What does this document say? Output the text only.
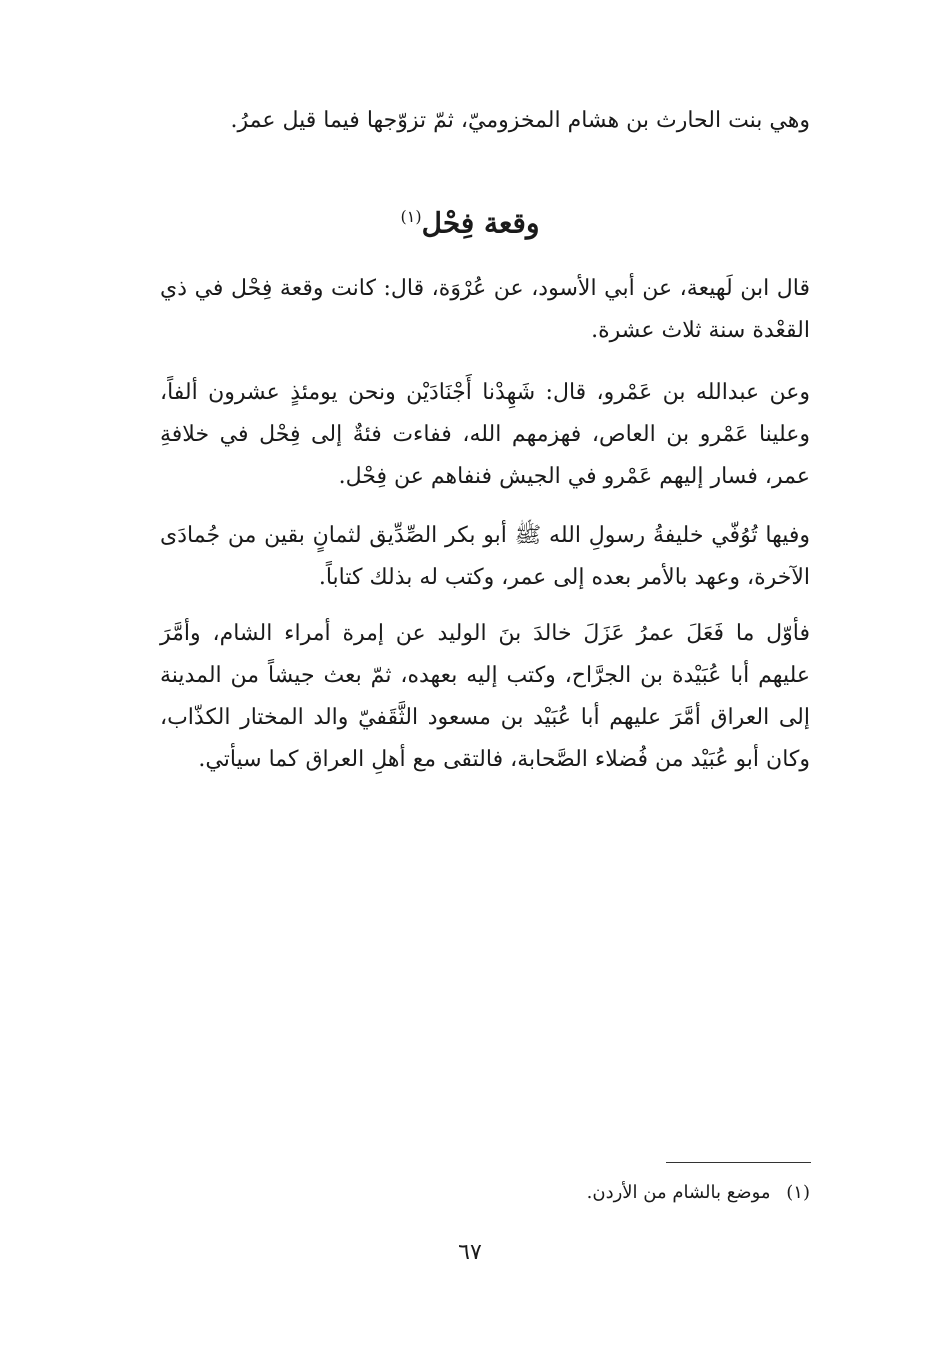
وهي بنت الحارث بن هشام المخزوميّ، ثمّ تزوّجها فيما قيل عمرُ.
وقعة فِحْل$^{(١)}$

قال ابن لَهيعة، عن أبي الأسود، عن عُرْوَة، قال: كانت وقعة فِحْل في ذي القعْدة سنة ثلاث عشرة.

وعن عبدالله بن عَمْرو، قال: شَهِدْنا أَجْنَادَيْن ونحن يومئذٍ عشرون ألفاً، وعلينا عَمْرو بن العاص، فهزمهم الله، ففاءت فئةٌ إلى فِحْل في خلافةِ عمر، فسار إليهم عَمْرو في الجيش فنفاهم عن فِحْل.

وفيها تُوُفّي خليفةُ رسولِ الله ﷺ أبو بكر الصِّدِّيق لثمانٍ بقين من جُمادَى الآخرة، وعهد بالأمر بعده إلى عمر، وكتب له بذلك كتاباً.

فأوّل ما فَعَلَ عمرُ عَزَلَ خالدَ بنَ الوليد عن إمرة أمراء الشام، وأمَّرَ عليهم أبا عُبَيْدة بن الجرَّاح، وكتب إليه بعهده، ثمّ بعث جيشاً من المدينة إلى العراق أمَّرَ عليهم أبا عُبَيْد بن مسعود الثَّقَفيّ والد المختار الكذّاب، وكان أبو عُبَيْد من فُضلاء الصَّحابة، فالتقى مع أهلِ العراق كما سيأتي.

(١) موضع بالشام من الأردن.
٦٧
